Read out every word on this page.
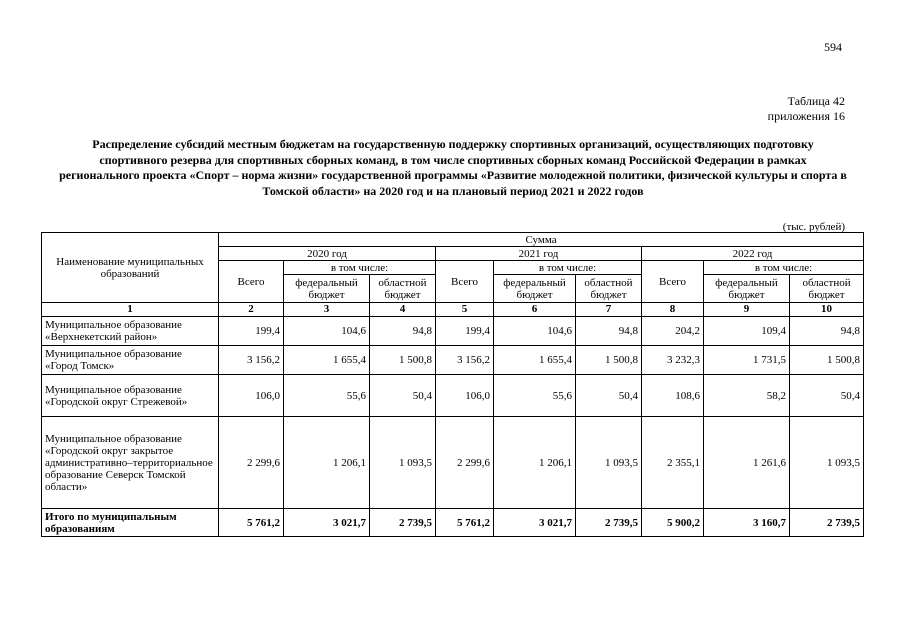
594
Таблица 42
приложения 16
Распределение субсидий местным бюджетам на государственную поддержку спортивных организаций, осуществляющих подготовку спортивного резерва для спортивных сборных команд, в том числе спортивных сборных команд Российской Федерации в рамках регионального проекта «Спорт – норма жизни» государственной программы «Развитие молодежной политики, физической культуры и спорта в Томской области» на 2020 год и на плановый период 2021 и 2022 годов
(тыс. рублей)
Наименование муниципальных образований	Сумма								
	2020 год			2021 год			2022 год		
	Всего	в том числе:		Всего	в том числе:		Всего	в том числе:	
		федеральный бюджет	областной бюджет		федеральный бюджет	областной бюджет		федеральный бюджет	областной бюджет
1	2	3	4	5	6	7	8	9	10
Муниципальное образование «Верхнекетский район»	199,4	104,6	94,8	199,4	104,6	94,8	204,2	109,4	94,8
Муниципальное образование «Город Томск»	3 156,2	1 655,4	1 500,8	3 156,2	1 655,4	1 500,8	3 232,3	1 731,5	1 500,8
Муниципальное образование «Городской округ Стрежевой»	106,0	55,6	50,4	106,0	55,6	50,4	108,6	58,2	50,4
Муниципальное образование «Городской округ закрытое административно–территориальное образование Северск Томской области»	2 299,6	1 206,1	1 093,5	2 299,6	1 206,1	1 093,5	2 355,1	1 261,6	1 093,5
Итого по муниципальным образованиям	5 761,2	3 021,7	2 739,5	5 761,2	3 021,7	2 739,5	5 900,2	3 160,7	2 739,5
